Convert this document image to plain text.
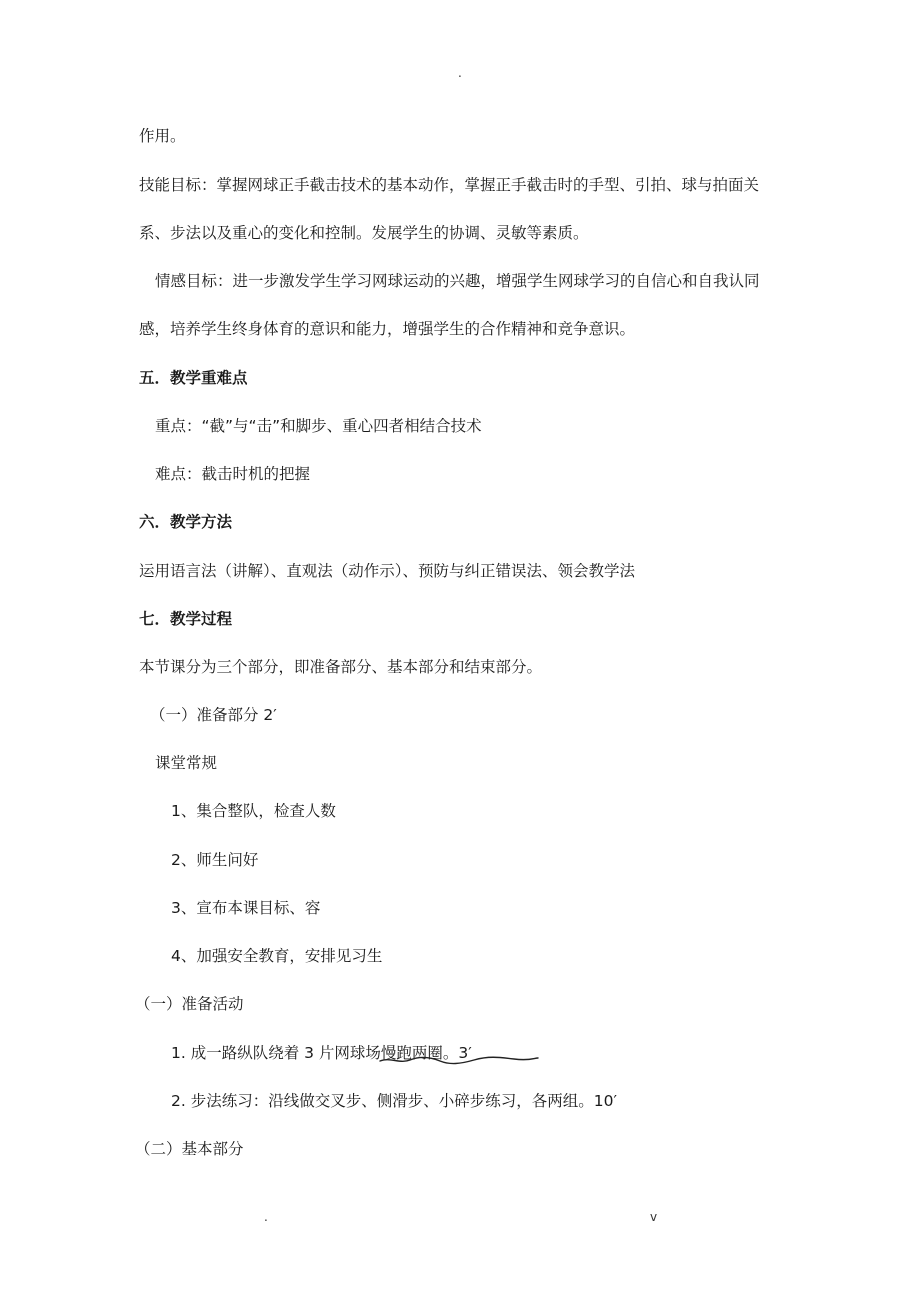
.
作用。
技能目标：掌握网球正手截击技术的基本动作，掌握正手截击时的手型、引拍、球与拍面关
系、步法以及重心的变化和控制。发展学生的协调、灵敏等素质。
情感目标：进一步激发学生学习网球运动的兴趣，增强学生网球学习的自信心和自我认同
感，培养学生终身体育的意识和能力，增强学生的合作精神和竞争意识。
五．教学重难点
重点：“截”与“击”和脚步、重心四者相结合技术
难点：截击时机的把握
六．教学方法
运用语言法（讲解）、直观法（动作示）、预防与纠正错误法、领会教学法
七．教学过程
本节课分为三个部分，即准备部分、基本部分和结束部分。
（一）准备部分 2′
课堂常规
1、集合整队，检查人数
2、师生问好
3、宣布本课目标、容
4、加强安全教育，安排见习生
（一）准备活动
1. 成一路纵队绕着 3 片网球场慢跑两圈。3′
2. 步法练习：沿线做交叉步、侧滑步、小碎步练习，各两组。10′
（二）基本部分
.	v
